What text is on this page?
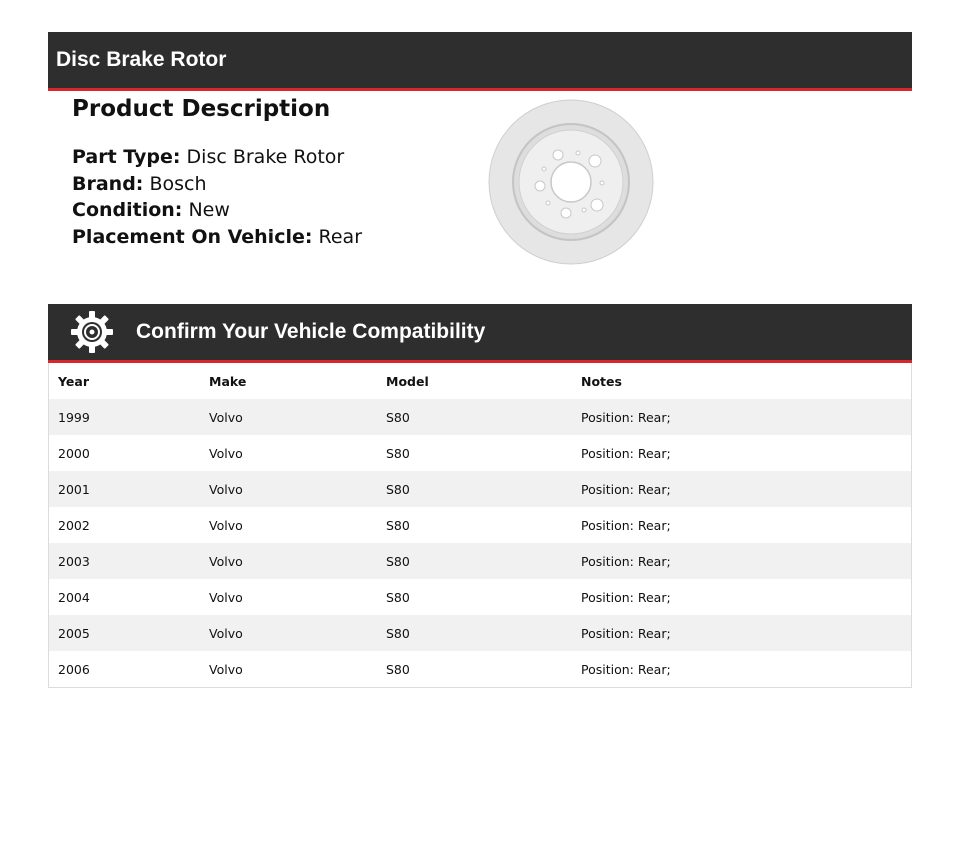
Disc Brake Rotor
Product Description
Part Type: Disc Brake Rotor
Brand: Bosch
Condition: New
Placement On Vehicle: Rear
Confirm Your Vehicle Compatibility
Year	Make	Model	Notes
1999	Volvo	S80	Position: Rear;
2000	Volvo	S80	Position: Rear;
2001	Volvo	S80	Position: Rear;
2002	Volvo	S80	Position: Rear;
2003	Volvo	S80	Position: Rear;
2004	Volvo	S80	Position: Rear;
2005	Volvo	S80	Position: Rear;
2006	Volvo	S80	Position: Rear;
